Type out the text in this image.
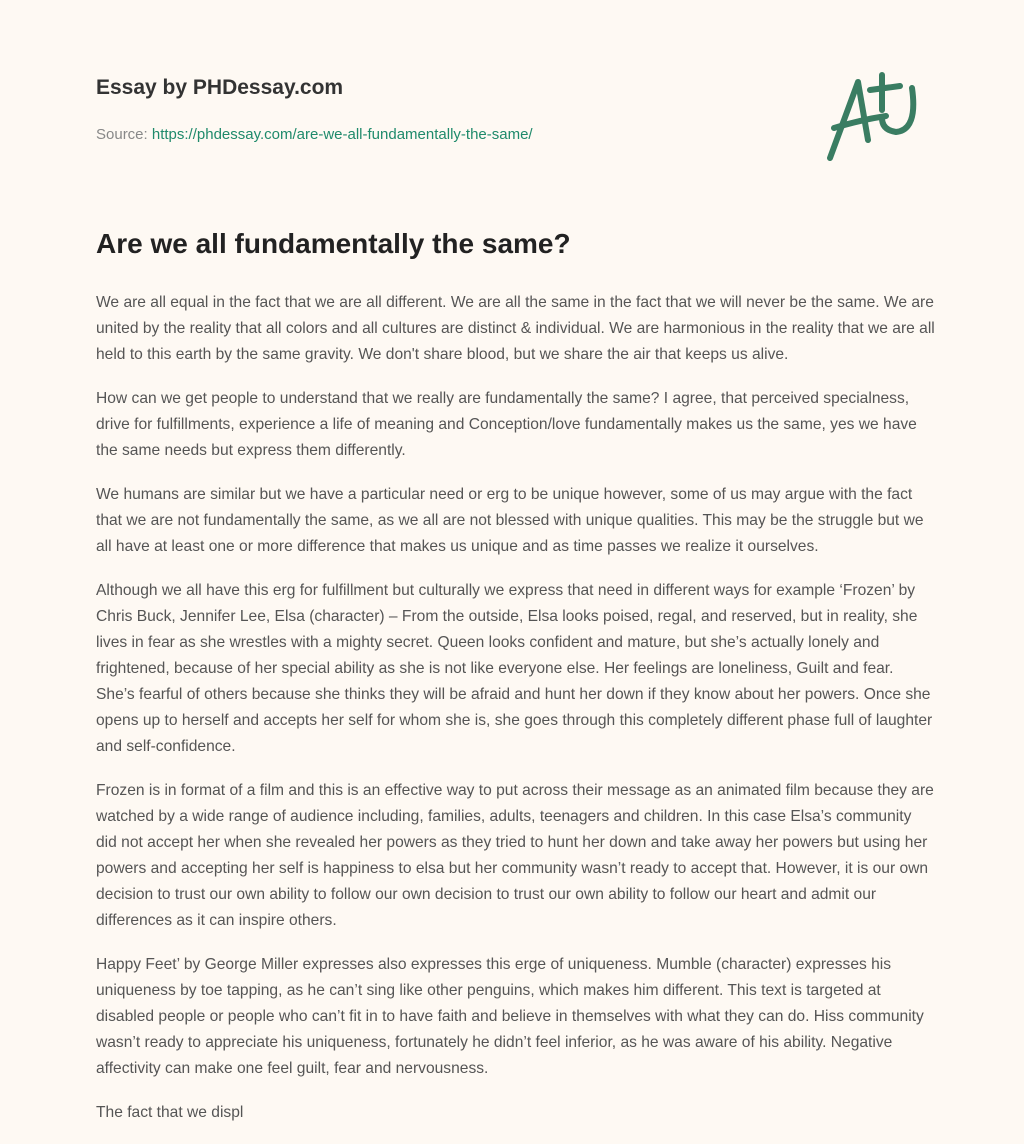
Essay by PHDessay.com
Source: https://phdessay.com/are-we-all-fundamentally-the-same/
Are we all fundamentally the same?

We are all equal in the fact that we are all different. We are all the same in the fact that we will never be the same. We are united by the reality that all colors and all cultures are distinct & individual. We are harmonious in the reality that we are all held to this earth by the same gravity. We don't share blood, but we share the air that keeps us alive.

How can we get people to understand that we really are fundamentally the same? I agree, that perceived specialness, drive for fulfillments, experience a life of meaning and Conception/love fundamentally makes us the same, yes we have the same needs but express them differently.

We humans are similar but we have a particular need or erg to be unique however, some of us may argue with the fact that we are not fundamentally the same, as we all are not blessed with unique qualities. This may be the struggle but we all have at least one or more difference that makes us unique and as time passes we realize it ourselves.

Although we all have this erg for fulfillment but culturally we express that need in different ways for example ‘Frozen’ by Chris Buck, Jennifer Lee, Elsa (character) – From the outside, Elsa looks poised, regal, and reserved, but in reality, she lives in fear as she wrestles with a mighty secret. Queen looks confident and mature, but she’s actually lonely and frightened, because of her special ability as she is not like everyone else. Her feelings are loneliness, Guilt and fear. She’s fearful of others because she thinks they will be afraid and hunt her down if they know about her powers. Once she opens up to herself and accepts her self for whom she is, she goes through this completely different phase full of laughter and self-confidence.

Frozen is in format of a film and this is an effective way to put across their message as an animated film because they are watched by a wide range of audience including, families, adults, teenagers and children. In this case Elsa’s community did not accept her when she revealed her powers as they tried to hunt her down and take away her powers but using her powers and accepting her self is happiness to elsa but her community wasn’t ready to accept that. However, it is our own decision to trust our own ability to follow our own decision to trust our own ability to follow our heart and admit our differences as it can inspire others.

Happy Feet’ by George Miller expresses also expresses this erge of uniqueness. Mumble (character) expresses his uniqueness by toe tapping, as he can’t sing like other penguins, which makes him different. This text is targeted at disabled people or people who can’t fit in to have faith and believe in themselves with what they can do. Hiss community wasn’t ready to appreciate his uniqueness, fortunately he didn’t feel inferior, as he was aware of his ability. Negative affectivity can make one feel guilt, fear and nervousness.

The fact that we displ
